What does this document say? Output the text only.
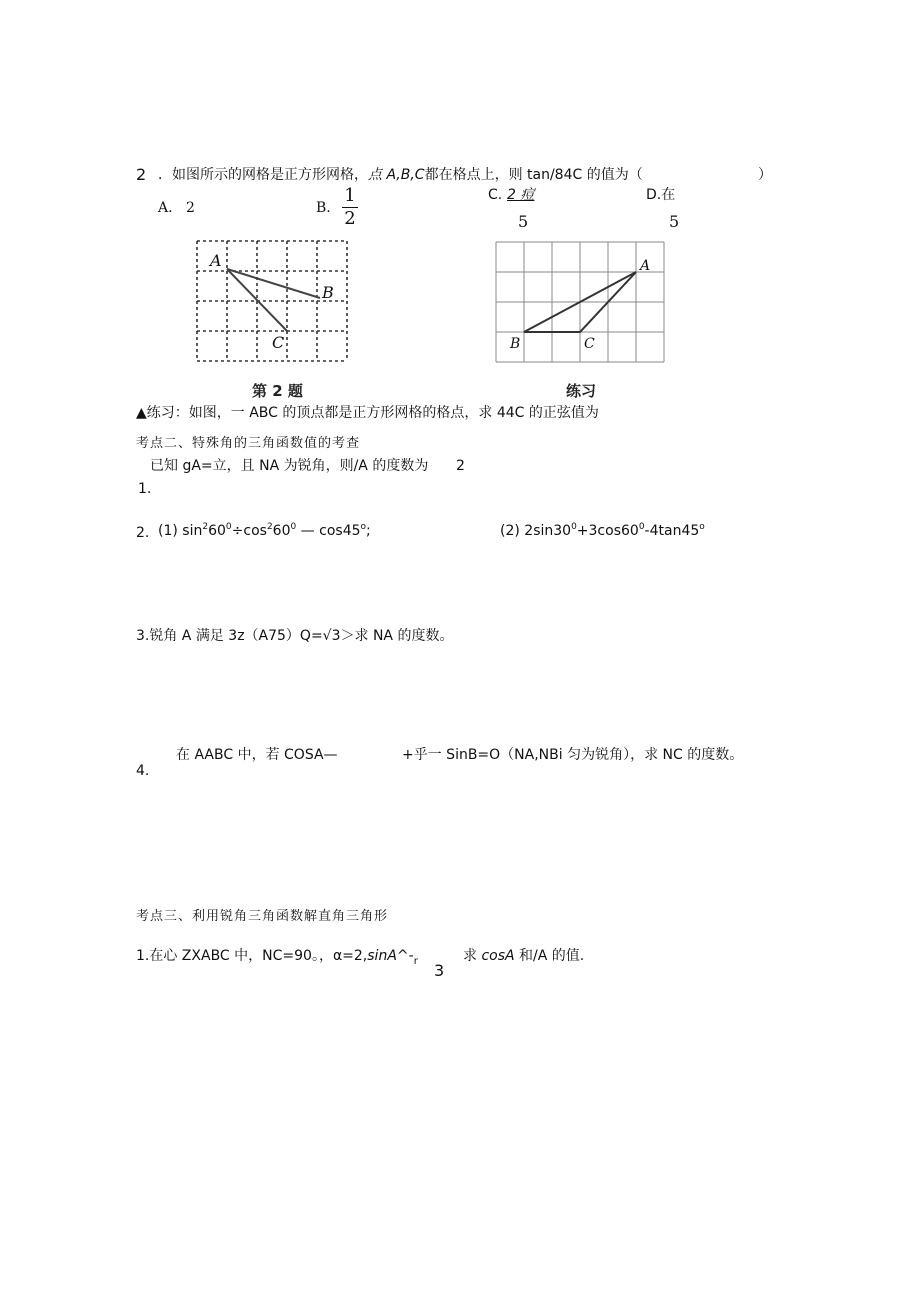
2 ．如图所示的网格是正方形网格，点 A,B,C都在格点上，则 tan/84C 的值为（	）
A. 2	B.
1
2
C. 2 痘
5
D.在
5
A
B
C
第 2 题
A
B	C
练习
▲练习：如图，一 ABC 的顶点都是正方形网格的格点，求 44C 的正弦值为
考点二、特殊角的三角函数值的考查
已知 gA=立，且 NA 为锐角，则/A 的度数为 2
1.
2. (1) $\sin^260^0\div\cos^260^0$ — cos45$^o$;	(2) $2\sin 30^0+3\cos 60^0-4\tan 45^o$
3.锐角 A 满足 3z（A75）Q=√3＞求 NA 的度数。
在 AABC 中，若 COSA—	+乎一 SinB=O（NA,NBi 匀为锐角），求 NC 的度数。
4.
考点三、利用锐角三角函数解直角三角形
1.在心 ZXABC 中，NC=90。，$\alpha=2,\sin A\^{}-_r$ 3
求 cosA 和/A 的值.
